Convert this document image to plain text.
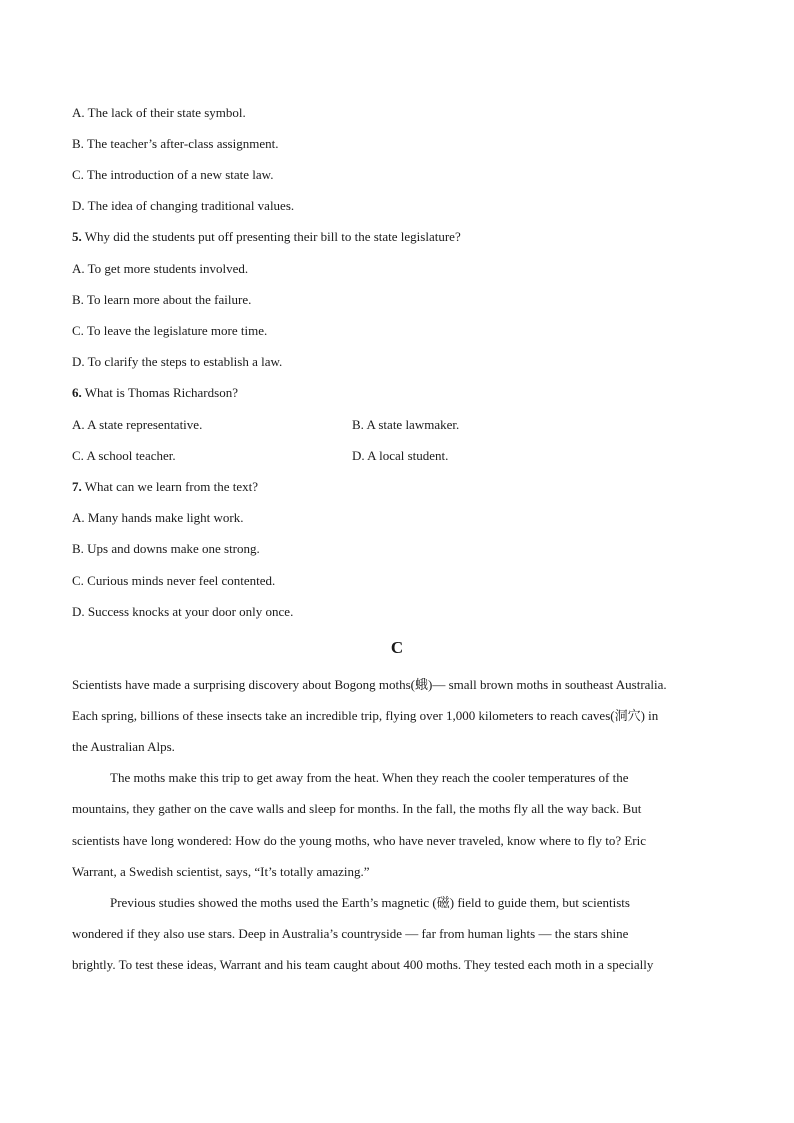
A. The lack of their state symbol.
B. The teacher’s after-class assignment.
C. The introduction of a new state law.
D. The idea of changing traditional values.
5. Why did the students put off presenting their bill to the state legislature?
A. To get more students involved.
B. To learn more about the failure.
C. To leave the legislature more time.
D. To clarify the steps to establish a law.
6. What is Thomas Richardson?
A. A state representative.	B. A state lawmaker.
C. A school teacher.	D. A local student.
7. What can we learn from the text?
A. Many hands make light work.
B. Ups and downs make one strong.
C. Curious minds never feel contented.
D. Success knocks at your door only once.
C
Scientists have made a surprising discovery about Bogong moths(蛾)— small brown moths in southeast Australia.
Each spring, billions of these insects take an incredible trip, flying over 1,000 kilometers to reach caves(洞穴) in
the Australian Alps.
The moths make this trip to get away from the heat. When they reach the cooler temperatures of the
mountains, they gather on the cave walls and sleep for months. In the fall, the moths fly all the way back. But
scientists have long wondered: How do the young moths, who have never traveled, know where to fly to? Eric
Warrant, a Swedish scientist, says, “It’s totally amazing.”
Previous studies showed the moths used the Earth’s magnetic (磁) field to guide them, but scientists
wondered if they also use stars. Deep in Australia’s countryside — far from human lights — the stars shine
brightly. To test these ideas, Warrant and his team caught about 400 moths. They tested each moth in a specially
